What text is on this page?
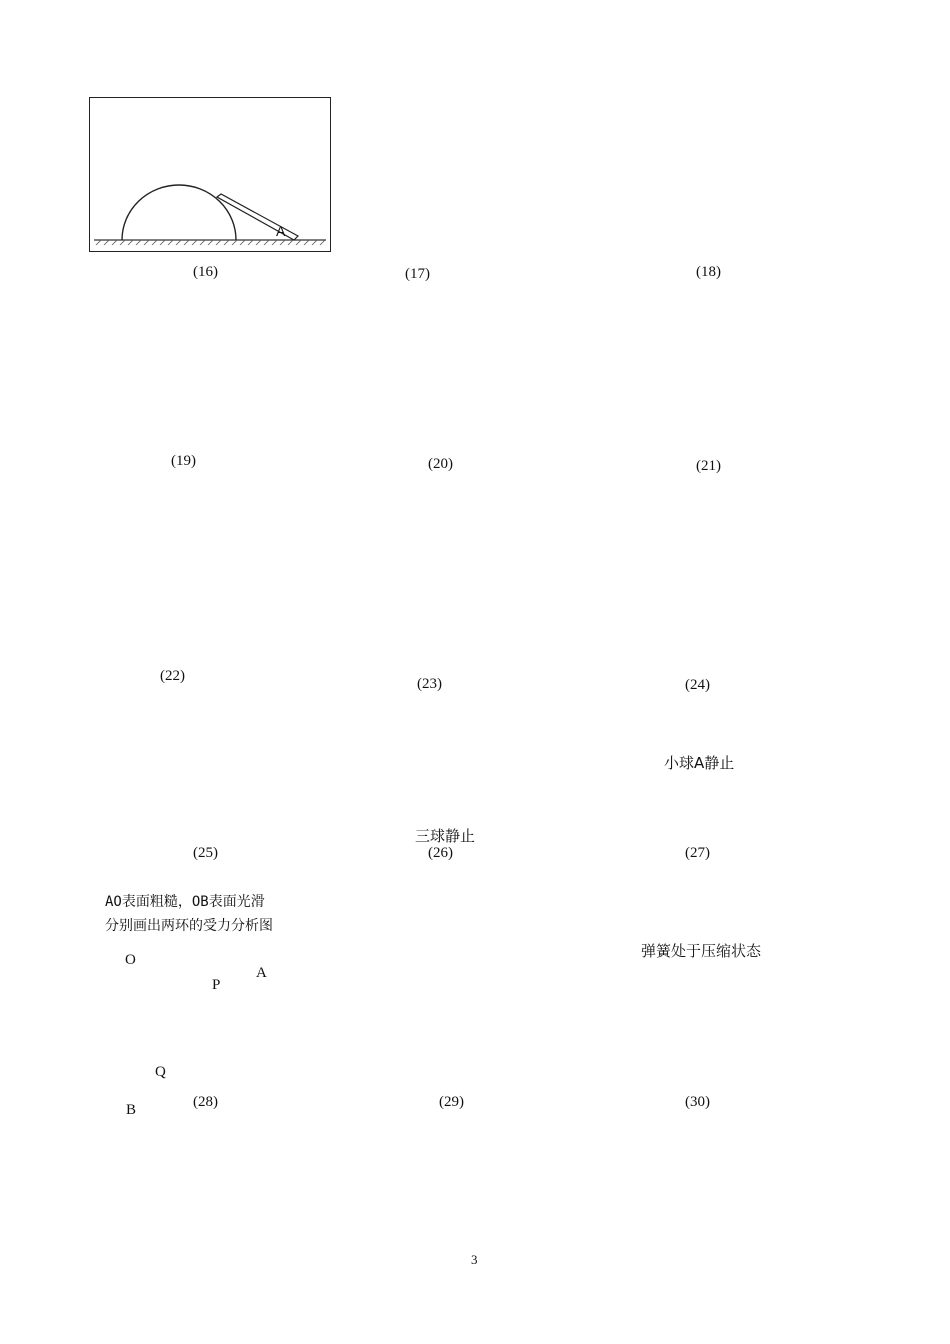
A
(16)	(17)	(18)
(19)	(20)	(21)
(22)	(23)	(24)
小球A静止
三球静止
(25)	(26)	(27)
AO表面粗糙，OB表面光滑
分别画出两环的受力分析图
弹簧处于压缩状态
O
A
P
Q
B	(28)	(29)	(30)
3
